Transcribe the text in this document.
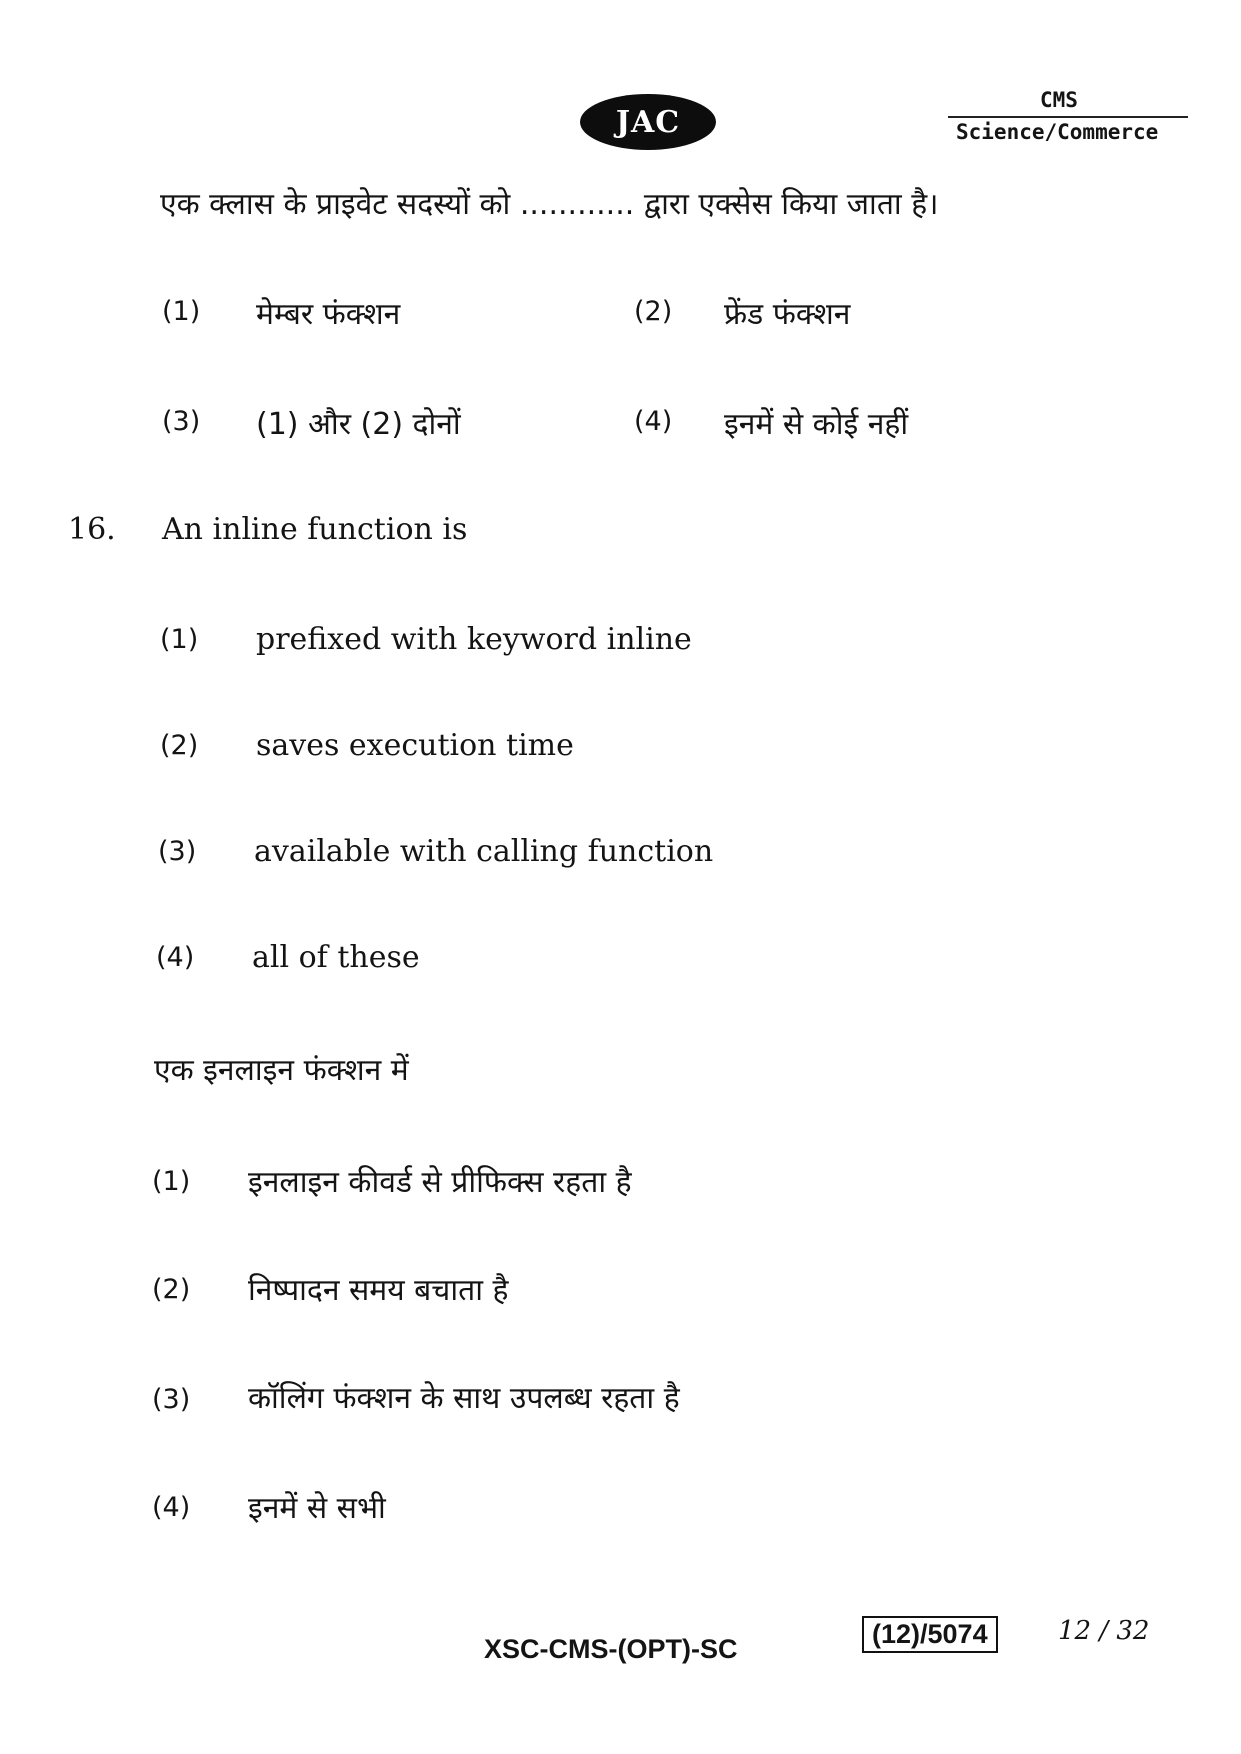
JAC
CMS
Science/Commerce
एक क्लास के प्राइवेट सदस्यों को ............ द्वारा एक्सेस किया जाता है।
(1) मेम्बर फंक्शन	(2) फ्रेंड फंक्शन
(3) (1) और (2) दोनों	(4) इनमें से कोई नहीं
16. An inline function is
(1) prefixed with keyword inline
(2) saves execution time
(3) available with calling function
(4) all of these
एक इनलाइन फंक्शन में
(1) इनलाइन कीवर्ड से प्रीफिक्स रहता है
(2) निष्पादन समय बचाता है
(3) कॉलिंग फंक्शन के साथ उपलब्ध रहता है
(4) इनमें से सभी
XSC-CMS-(OPT)-SC	(12)/5074	12 / 32
